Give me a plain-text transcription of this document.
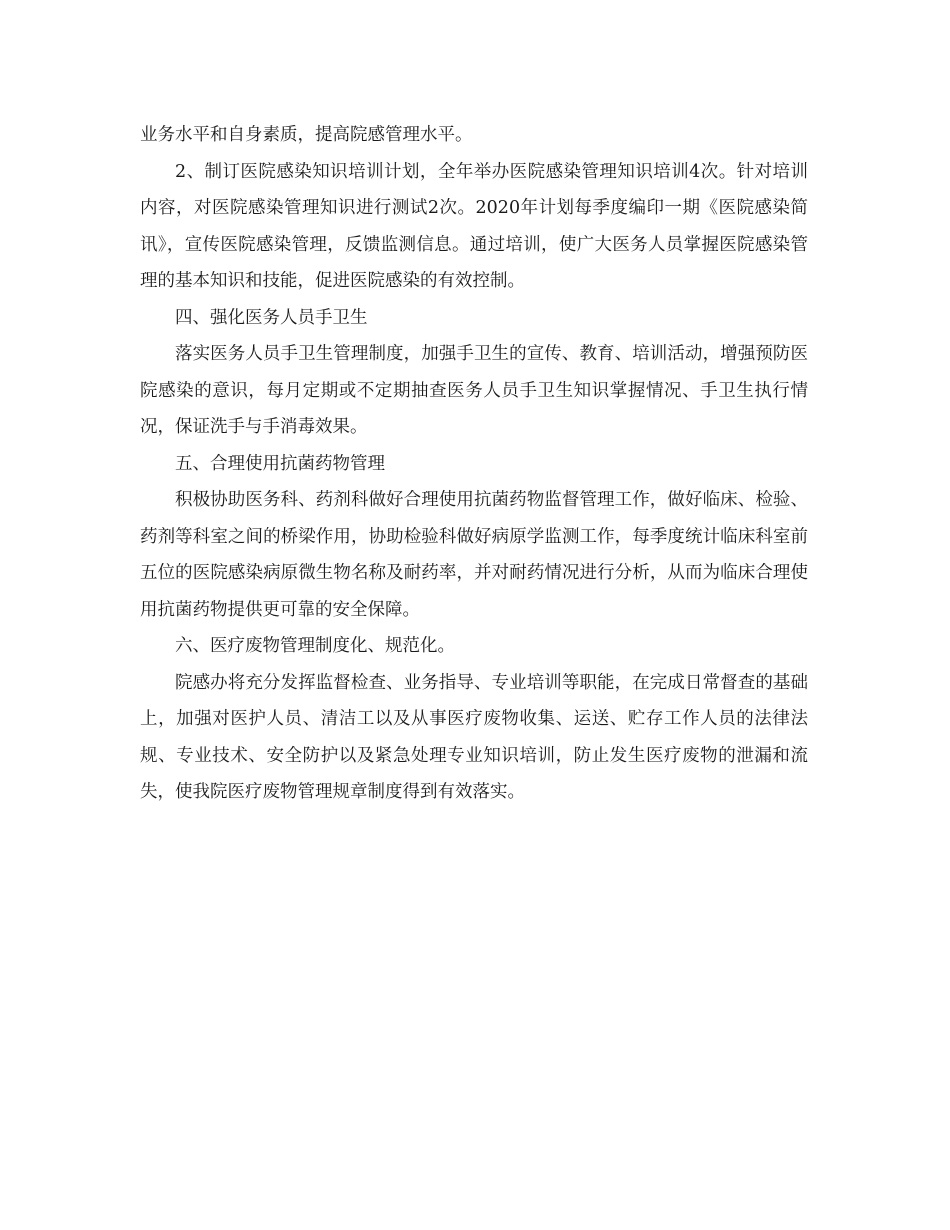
业务水平和自身素质，提高院感管理水平。

2、制订医院感染知识培训计划，全年举办医院感染管理知识培训4次。针对培训内容，对医院感染管理知识进行测试2次。2020年计划每季度编印一期《医院感染简讯》，宣传医院感染管理，反馈监测信息。通过培训，使广大医务人员掌握医院感染管理的基本知识和技能，促进医院感染的有效控制。

四、强化医务人员手卫生

落实医务人员手卫生管理制度，加强手卫生的宣传、教育、培训活动，增强预防医院感染的意识，每月定期或不定期抽查医务人员手卫生知识掌握情况、手卫生执行情况，保证洗手与手消毒效果。

五、合理使用抗菌药物管理

积极协助医务科、药剂科做好合理使用抗菌药物监督管理工作，做好临床、检验、药剂等科室之间的桥梁作用，协助检验科做好病原学监测工作，每季度统计临床科室前五位的医院感染病原微生物名称及耐药率，并对耐药情况进行分析，从而为临床合理使用抗菌药物提供更可靠的安全保障。

六、医疗废物管理制度化、规范化。

院感办将充分发挥监督检查、业务指导、专业培训等职能，在完成日常督查的基础上，加强对医护人员、清洁工以及从事医疗废物收集、运送、贮存工作人员的法律法规、专业技术、安全防护以及紧急处理专业知识培训，防止发生医疗废物的泄漏和流失，使我院医疗废物管理规章制度得到有效落实。
